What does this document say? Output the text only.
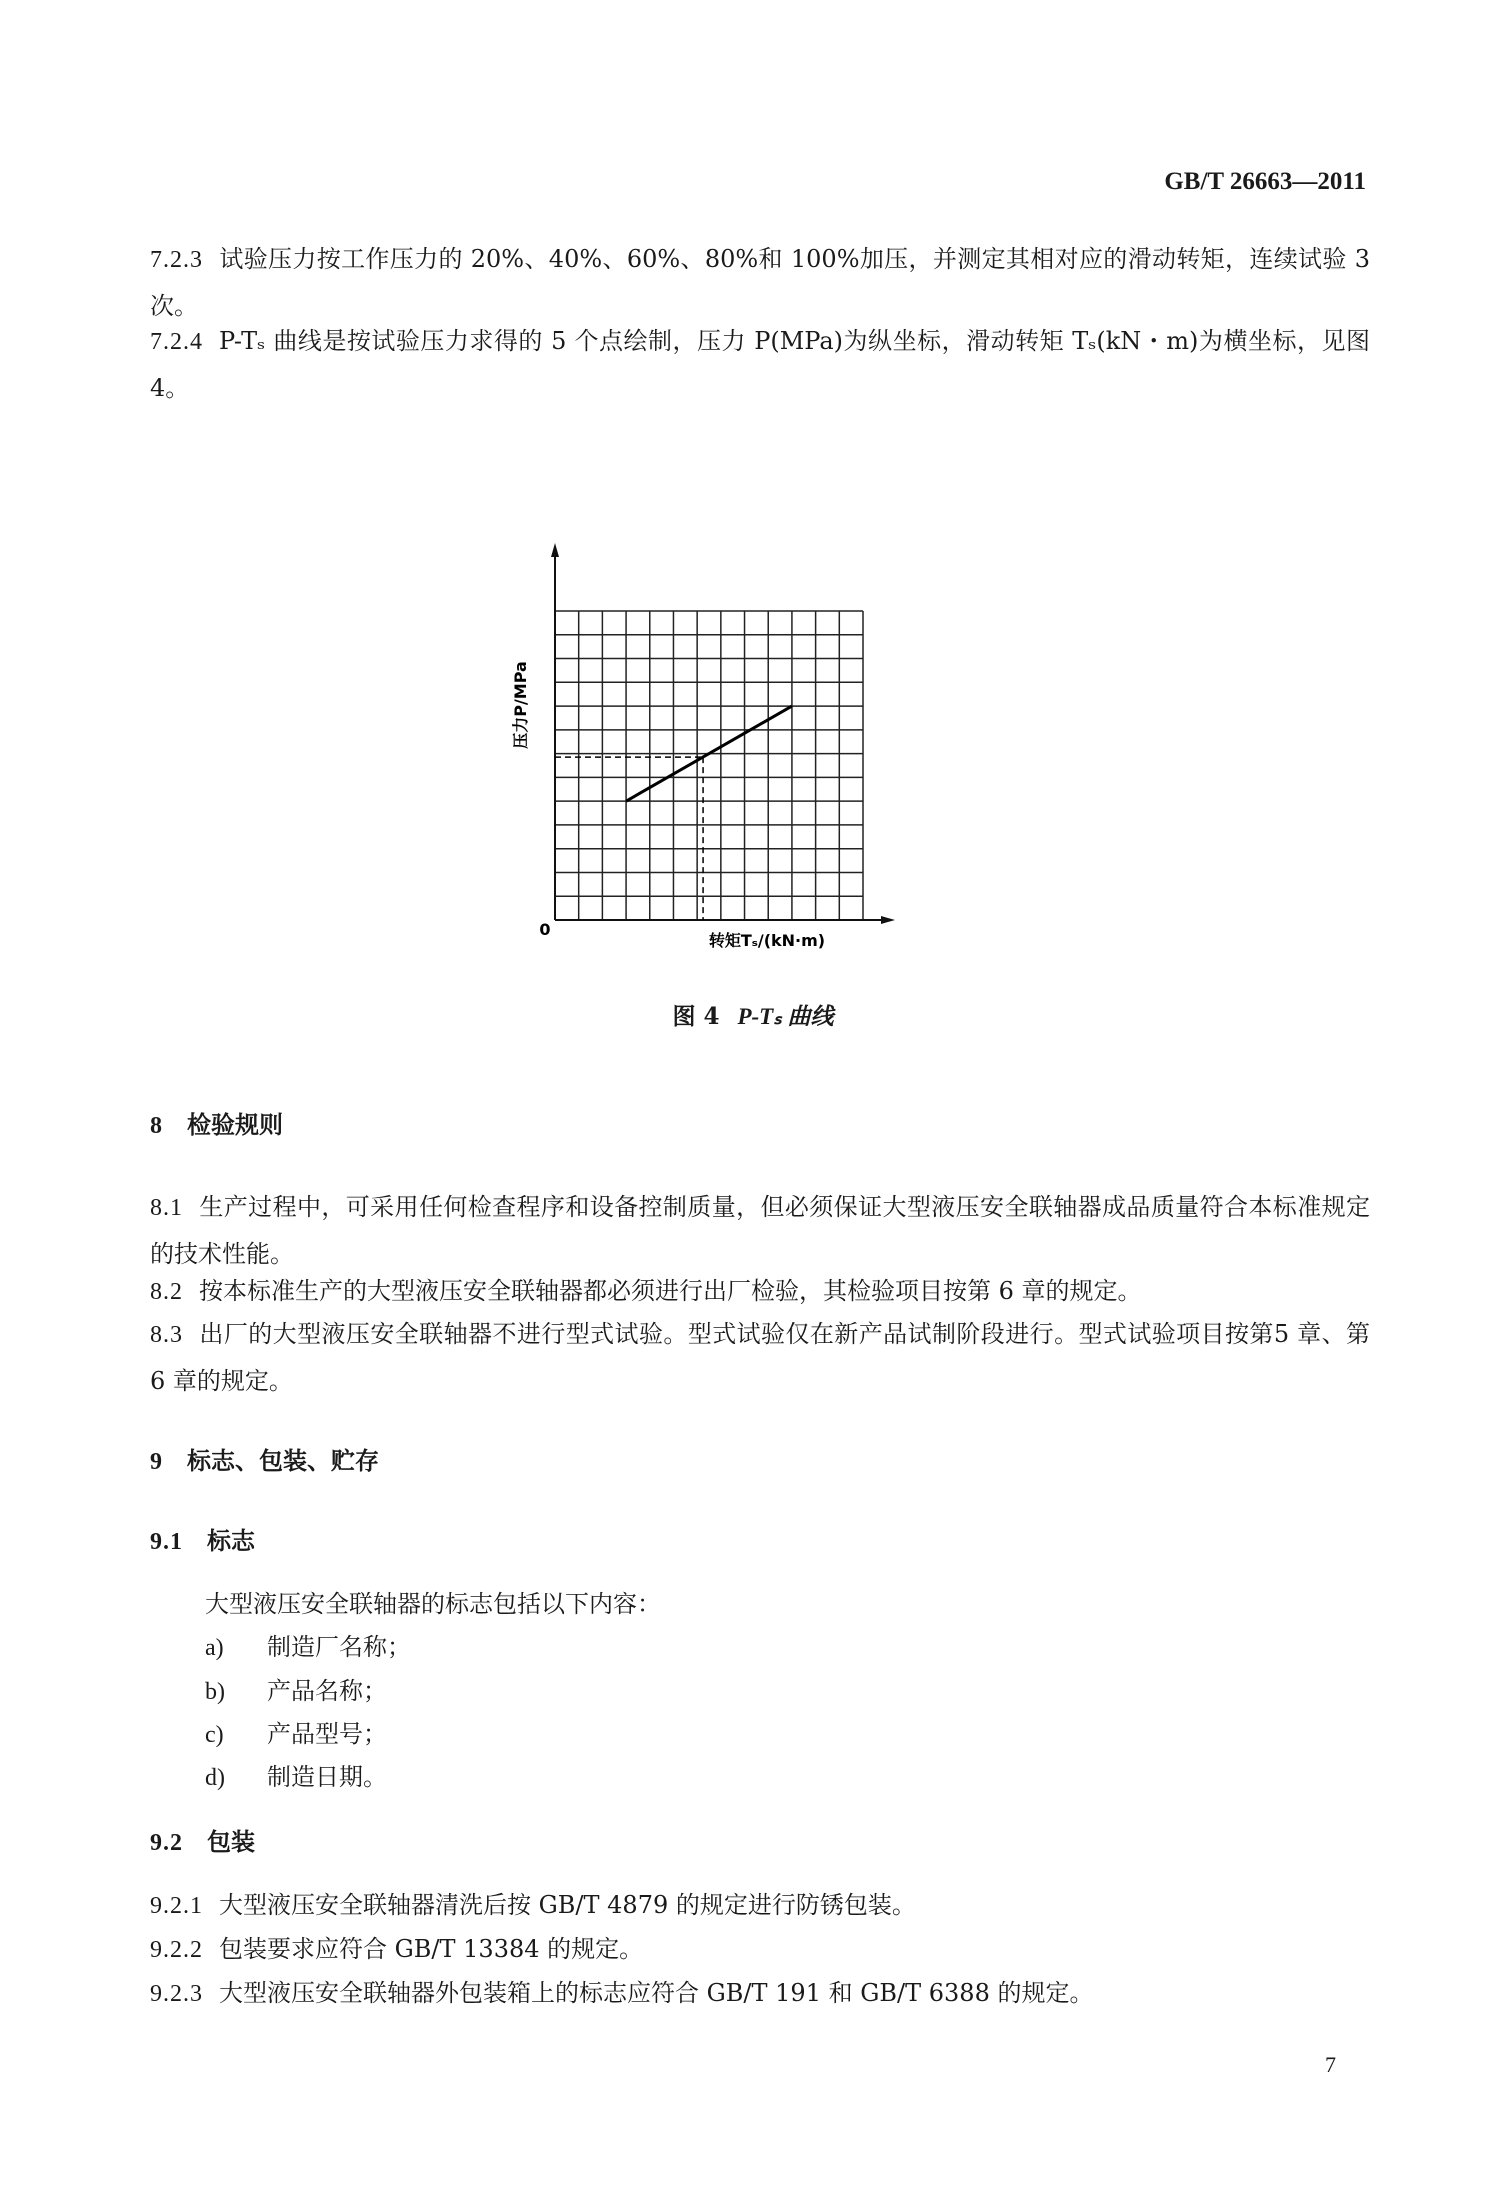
GB/T 26663—2011
7.2.3 试验压力按工作压力的 20%、40%、60%、80%和 100%加压，并测定其相对应的滑动转矩，连续试验 3 次。
7.2.4 P-Tₛ 曲线是按试验压力求得的 5 个点绘制，压力 P(MPa)为纵坐标，滑动转矩 Tₛ(kN・m)为横坐标，见图 4。
压力P/MPa
转矩Tₛ/(kN·m)
0
图 4 P-Tₛ 曲线
8 检验规则
8.1 生产过程中，可采用任何检查程序和设备控制质量，但必须保证大型液压安全联轴器成品质量符合本标准规定的技术性能。
8.2 按本标准生产的大型液压安全联轴器都必须进行出厂检验，其检验项目按第 6 章的规定。
8.3 出厂的大型液压安全联轴器不进行型式试验。型式试验仅在新产品试制阶段进行。型式试验项目按第5 章、第 6 章的规定。
9 标志、包装、贮存
9.1 标志
大型液压安全联轴器的标志包括以下内容：
a) 制造厂名称；
b) 产品名称；
c) 产品型号；
d) 制造日期。
9.2 包装
9.2.1 大型液压安全联轴器清洗后按 GB/T 4879 的规定进行防锈包装。
9.2.2 包装要求应符合 GB/T 13384 的规定。
9.2.3 大型液压安全联轴器外包装箱上的标志应符合 GB/T 191 和 GB/T 6388 的规定。
7
